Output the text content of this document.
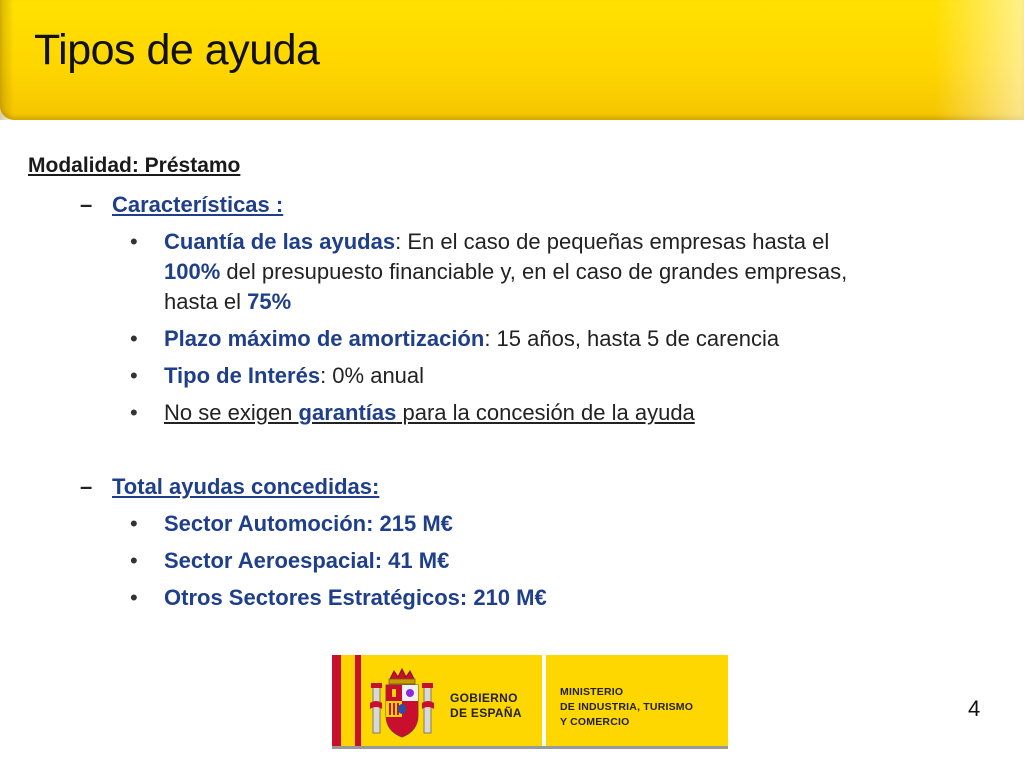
Tipos de ayuda
Modalidad: Préstamo
– Características :
• Cuantía de las ayudas: En el caso de pequeñas empresas hasta el
100% del presupuesto financiable y, en el caso de grandes empresas,
hasta el 75%
• Plazo máximo de amortización: 15 años, hasta 5 de carencia
• Tipo de Interés: 0% anual
• No se exigen garantías para la concesión de la ayuda
– Total ayudas concedidas:
• Sector Automoción: 215 M€
• Sector Aeroespacial: 41 M€
• Otros Sectores Estratégicos: 210 M€
GOBIERNO
DE ESPAÑA
MINISTERIO
DE INDUSTRIA, TURISMO
Y COMERCIO
4
